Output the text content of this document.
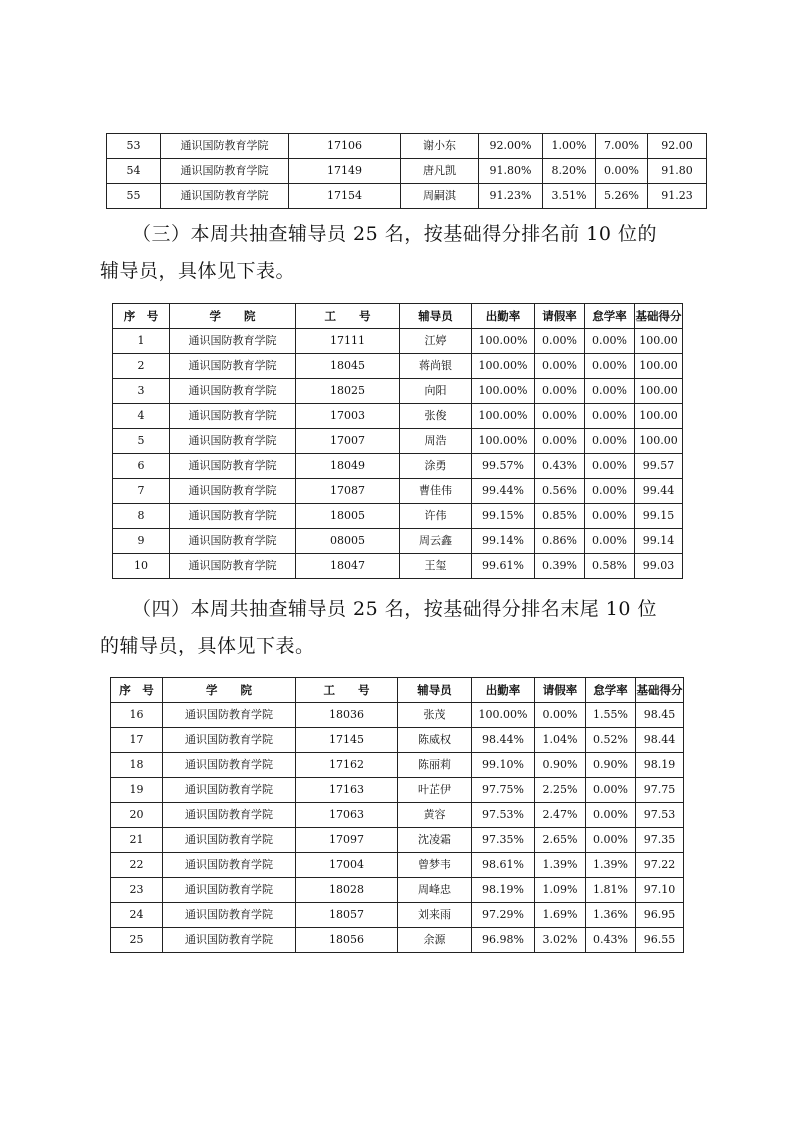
53	通识国防教育学院	17106	谢小东	92.00%	1.00%	7.00%	92.00
54	通识国防教育学院	17149	唐凡凯	91.80%	8.20%	0.00%	91.80
55	通识国防教育学院	17154	周嗣淇	91.23%	3.51%	5.26%	91.23

（三）本周共抽查辅导员 25 名，按基础得分排名前 10 位的

辅导员，具体见下表。

序　号	学　　院	工　　号	辅导员	出勤率	请假率	怠学率	基础得分
1	通识国防教育学院	17111	江婷	100.00%	0.00%	0.00%	100.00
2	通识国防教育学院	18045	蒋尚银	100.00%	0.00%	0.00%	100.00
3	通识国防教育学院	18025	向阳	100.00%	0.00%	0.00%	100.00
4	通识国防教育学院	17003	张俊	100.00%	0.00%	0.00%	100.00
5	通识国防教育学院	17007	周浩	100.00%	0.00%	0.00%	100.00
6	通识国防教育学院	18049	涂勇	99.57%	0.43%	0.00%	99.57
7	通识国防教育学院	17087	曹佳伟	99.44%	0.56%	0.00%	99.44
8	通识国防教育学院	18005	许伟	99.15%	0.85%	0.00%	99.15
9	通识国防教育学院	08005	周云鑫	99.14%	0.86%	0.00%	99.14
10	通识国防教育学院	18047	王玺	99.61%	0.39%	0.58%	99.03

（四）本周共抽查辅导员 25 名，按基础得分排名末尾 10 位

的辅导员，具体见下表。

序　号	学　　院	工　　号	辅导员	出勤率	请假率	怠学率	基础得分
16	通识国防教育学院	18036	张茂	100.00%	0.00%	1.55%	98.45
17	通识国防教育学院	17145	陈威权	98.44%	1.04%	0.52%	98.44
18	通识国防教育学院	17162	陈丽莉	99.10%	0.90%	0.90%	98.19
19	通识国防教育学院	17163	叶芷伊	97.75%	2.25%	0.00%	97.75
20	通识国防教育学院	17063	黄容	97.53%	2.47%	0.00%	97.53
21	通识国防教育学院	17097	沈凌霜	97.35%	2.65%	0.00%	97.35
22	通识国防教育学院	17004	曾梦韦	98.61%	1.39%	1.39%	97.22
23	通识国防教育学院	18028	周峰忠	98.19%	1.09%	1.81%	97.10
24	通识国防教育学院	18057	刘来雨	97.29%	1.69%	1.36%	96.95
25	通识国防教育学院	18056	余源	96.98%	3.02%	0.43%	96.55
